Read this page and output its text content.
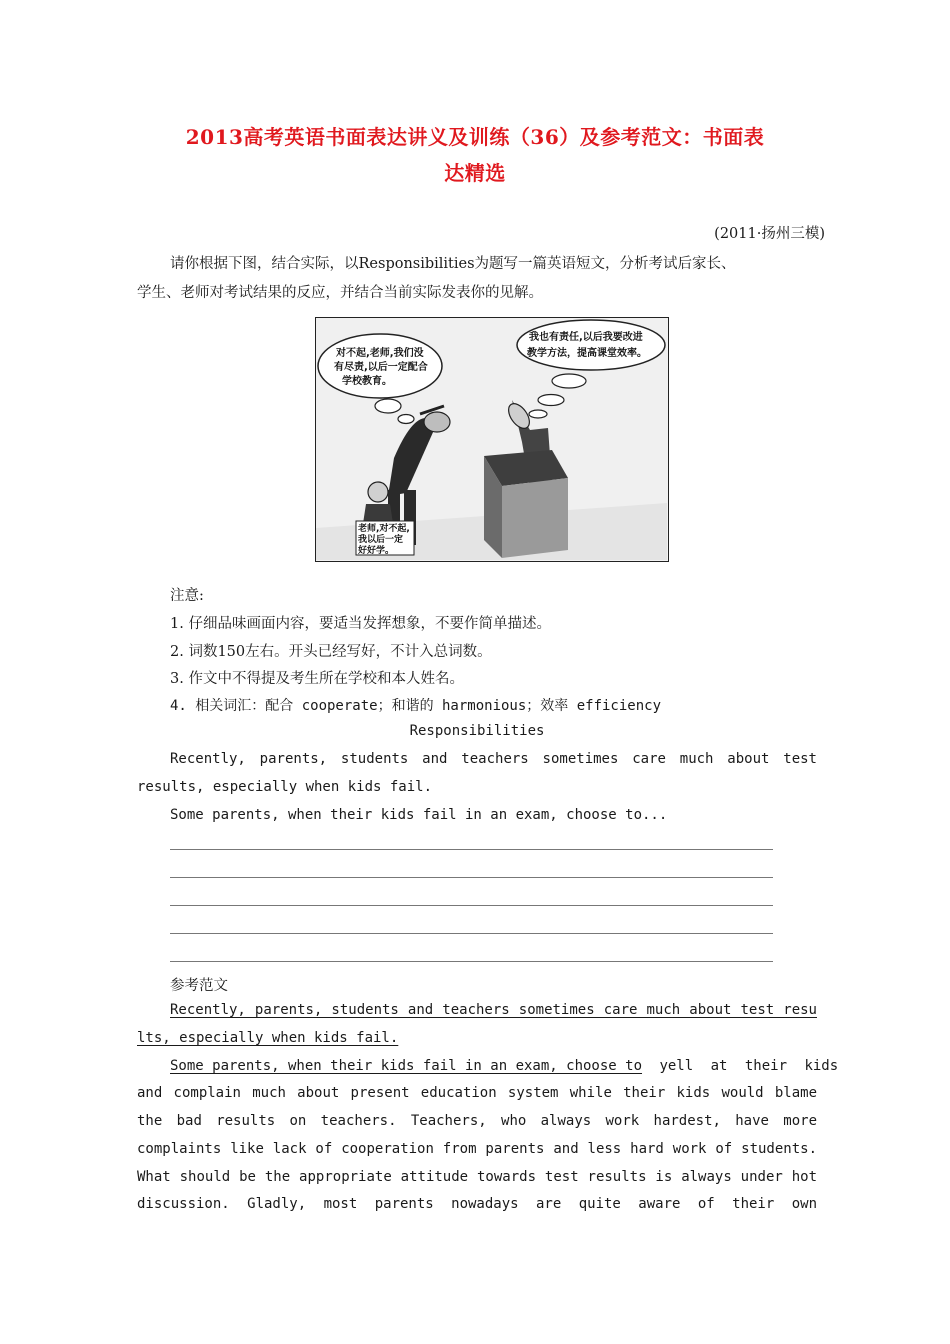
2013高考英语书面表达讲义及训练（36）及参考范文：书面表
达精选
(2011·扬州三模)
请你根据下图，结合实际，以Responsibilities为题写一篇英语短文，分析考试后家长、
学生、老师对考试结果的反应，并结合当前实际发表你的见解。
对不起,老师,我们没
有尽责,以后一定配合
学校教育。
我也有责任,以后我要改进
教学方法，提高课堂效率。
老师,对不起,
我以后一定
好好学。
注意:
1. 仔细品味画面内容，要适当发挥想象，不要作简单描述。
2. 词数150左右。开头已经写好，不计入总词数。
3. 作文中不得提及考生所在学校和本人姓名。
4. 相关词汇：配合 cooperate；和谐的 harmonious；效率 efficiency
Responsibilities
Recently, parents, students and teachers sometimes care much about test
results, especially when kids fail.
Some parents, when their kids fail in an exam, choose to...
参考范文
Recently, parents, students and teachers sometimes care much about test resu
lts, especially when kids fail.
Some parents, when their kids fail in an exam, choose to yell at their kids
and complain much about present education system while their kids would blame
the bad results on teachers. Teachers, who always work hardest, have more
complaints like lack of cooperation from parents and less hard work of students.
What should be the appropriate attitude towards test results is always under hot
discussion. Gladly, most parents nowadays are quite aware of their own
